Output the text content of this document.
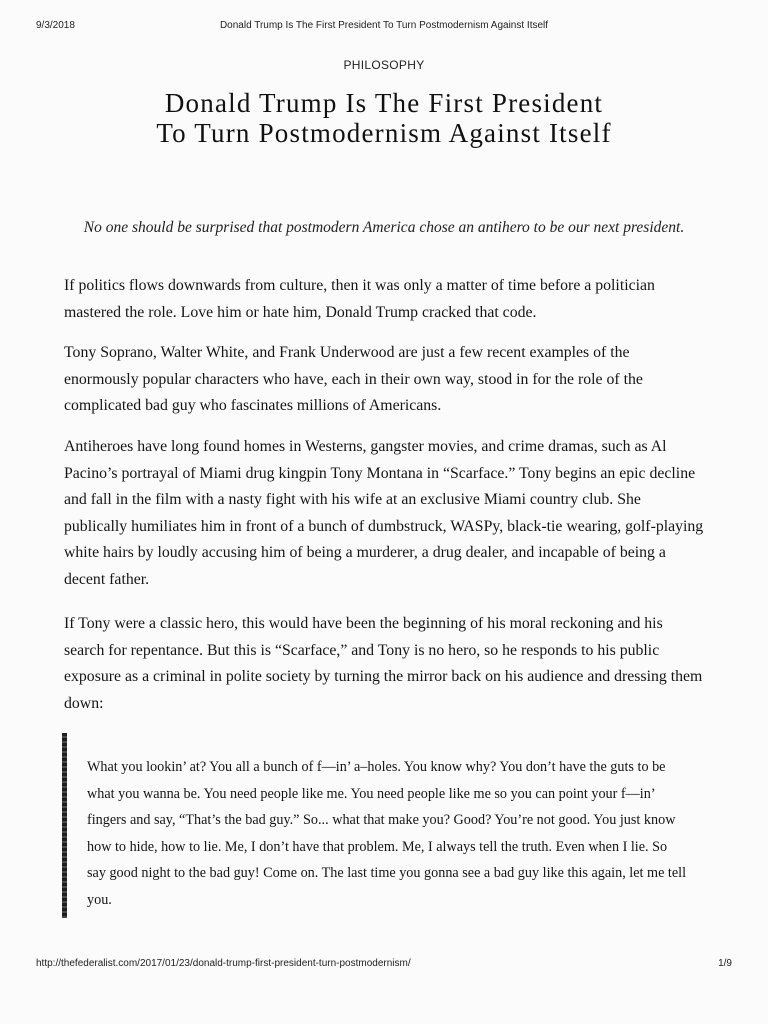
9/3/2018	Donald Trump Is The First President To Turn Postmodernism Against Itself
PHILOSOPHY
Donald Trump Is The First President To Turn Postmodernism Against Itself

No one should be surprised that postmodern America chose an antihero to be our next president.

If politics flows downwards from culture, then it was only a matter of time before a politician mastered the role. Love him or hate him, Donald Trump cracked that code.

Tony Soprano, Walter White, and Frank Underwood are just a few recent examples of the enormously popular characters who have, each in their own way, stood in for the role of the complicated bad guy who fascinates millions of Americans.

Antiheroes have long found homes in Westerns, gangster movies, and crime dramas, such as Al Pacino’s portrayal of Miami drug kingpin Tony Montana in “Scarface.” Tony begins an epic decline and fall in the film with a nasty fight with his wife at an exclusive Miami country club. She publically humiliates him in front of a bunch of dumbstruck, WASPy, black-tie wearing, golf-playing white hairs by loudly accusing him of being a murderer, a drug dealer, and incapable of being a decent father.

If Tony were a classic hero, this would have been the beginning of his moral reckoning and his search for repentance. But this is “Scarface,” and Tony is no hero, so he responds to his public exposure as a criminal in polite society by turning the mirror back on his audience and dressing them down:

What you lookin’ at? You all a bunch of f—in’ a–holes. You know why? You don’t have the guts to be what you wanna be. You need people like me. You need people like me so you can point your f—in’ fingers and say, “That’s the bad guy.” So... what that make you? Good? You’re not good. You just know how to hide, how to lie. Me, I don’t have that problem. Me, I always tell the truth. Even when I lie. So say good night to the bad guy! Come on. The last time you gonna see a bad guy like this again, let me tell you.

http://thefederalist.com/2017/01/23/donald-trump-first-president-turn-postmodernism/	1/9
